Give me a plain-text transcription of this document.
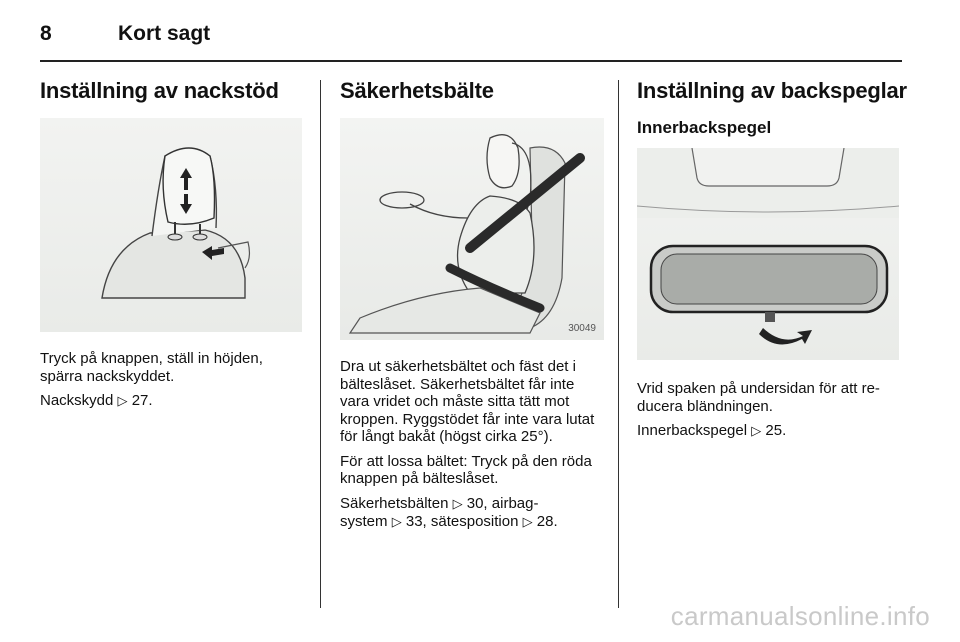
8	Kort sagt
Inställning av nackstöd

Tryck på knappen, ställ in höjden, spärra nackskyddet.

Nackskydd ▷ 27.

Säkerhetsbälte
30049

Dra ut säkerhetsbältet och fäst det i bälteslåset. Säkerhetsbältet får inte vara vridet och måste sitta tätt mot kroppen. Ryggstödet får inte vara lutat för långt bakåt (högst cirka 25°).

För att lossa bältet: Tryck på den röda knappen på bälteslåset.

Säkerhetsbälten ▷ 30, airbag-
system ▷ 33, sätesposition ▷ 28.

Inställning av backspeglar
Innerbackspegel

Vrid spaken på undersidan för att re-ducera bländningen.

Innerbackspegel ▷ 25.

carmanualsonline.info
